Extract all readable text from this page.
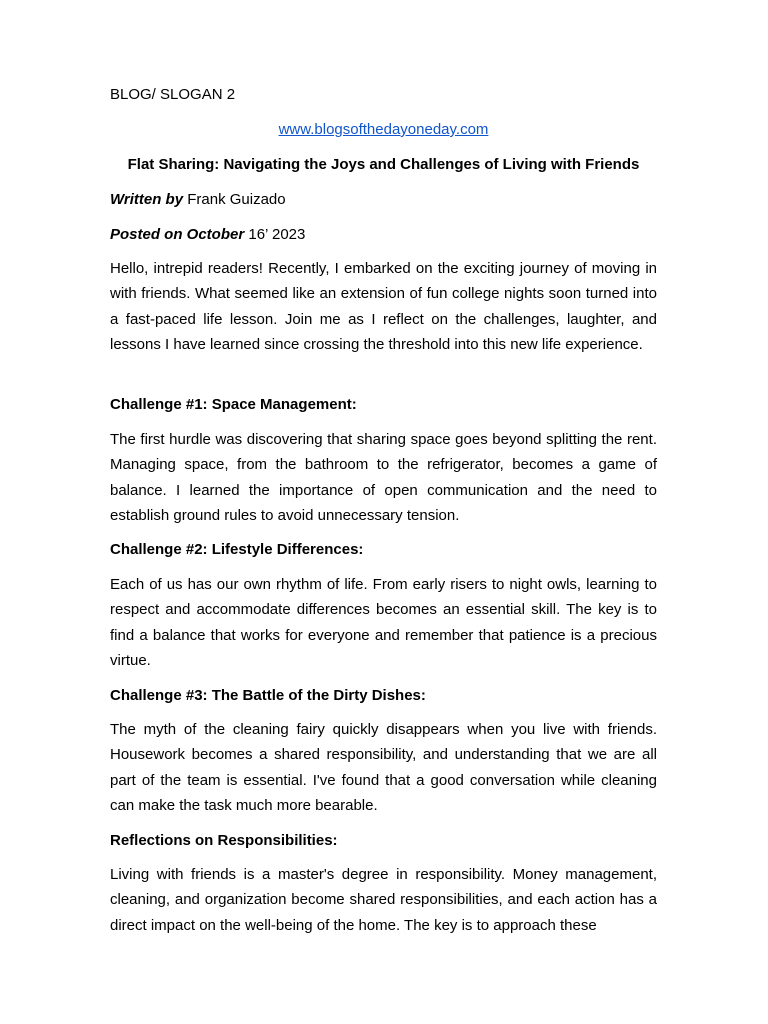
BLOG/ SLOGAN 2

www.blogsofthedayoneday.com

Flat Sharing: Navigating the Joys and Challenges of Living with Friends

Written by Frank Guizado

Posted on October 16’ 2023

Hello, intrepid readers! Recently, I embarked on the exciting journey of moving in with friends. What seemed like an extension of fun college nights soon turned into a fast-paced life lesson. Join me as I reflect on the challenges, laughter, and lessons I have learned since crossing the threshold into this new life experience.

Challenge #1: Space Management:

The first hurdle was discovering that sharing space goes beyond splitting the rent. Managing space, from the bathroom to the refrigerator, becomes a game of balance. I learned the importance of open communication and the need to establish ground rules to avoid unnecessary tension.

Challenge #2: Lifestyle Differences:

Each of us has our own rhythm of life. From early risers to night owls, learning to respect and accommodate differences becomes an essential skill. The key is to find a balance that works for everyone and remember that patience is a precious virtue.

Challenge #3: The Battle of the Dirty Dishes:

The myth of the cleaning fairy quickly disappears when you live with friends. Housework becomes a shared responsibility, and understanding that we are all part of the team is essential. I've found that a good conversation while cleaning can make the task much more bearable.

Reflections on Responsibilities:

Living with friends is a master's degree in responsibility. Money management, cleaning, and organization become shared responsibilities, and each action has a direct impact on the well-being of the home. The key is to approach these
